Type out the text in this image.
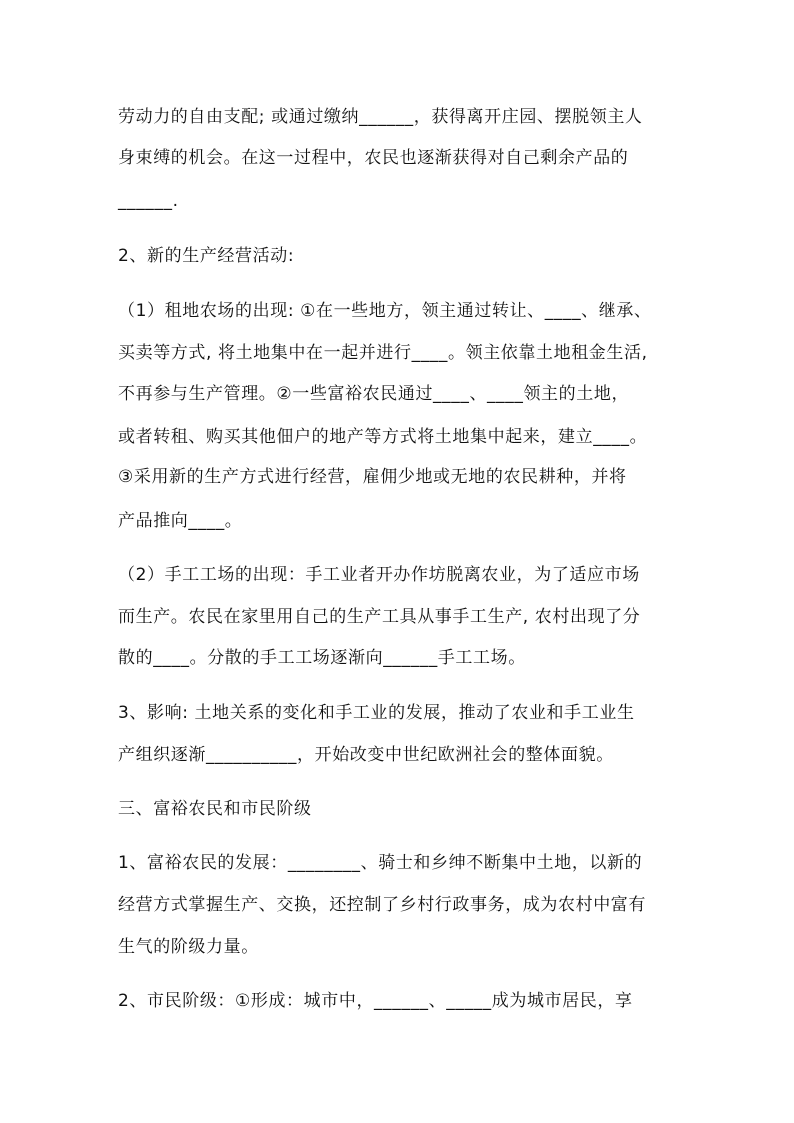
劳动力的自由支配; 或通过缴纳______，获得离开庄园、摆脱领主人
身束缚的机会。在这一过程中，农民也逐渐获得对自己剩余产品的
______.
2、新的生产经营活动:
（1）租地农场的出现: ①在一些地方，领主通过转让、____、继承、
买卖等方式, 将土地集中在一起并进行____。领主依靠土地租金生活,
不再参与生产管理。②一些富裕农民通过____、____领主的土地，
或者转租、购买其他佃户的地产等方式将土地集中起来，建立____。
③采用新的生产方式进行经营，雇佣少地或无地的农民耕种，并将
产品推向____。
（2）手工工场的出现：手工业者开办作坊脱离农业，为了适应市场
而生产。农民在家里用自己的生产工具从事手工生产, 农村出现了分
散的____。分散的手工工场逐渐向______手工工场。
3、影响: 土地关系的变化和手工业的发展，推动了农业和手工业生
产组织逐渐__________，开始改变中世纪欧洲社会的整体面貌。
三、富裕农民和市民阶级
1、富裕农民的发展：________、骑士和乡绅不断集中土地，以新的
经营方式掌握生产、交换，还控制了乡村行政事务，成为农村中富有
生气的阶级力量。
2、市民阶级：①形成：城市中，______、_____成为城市居民，享
